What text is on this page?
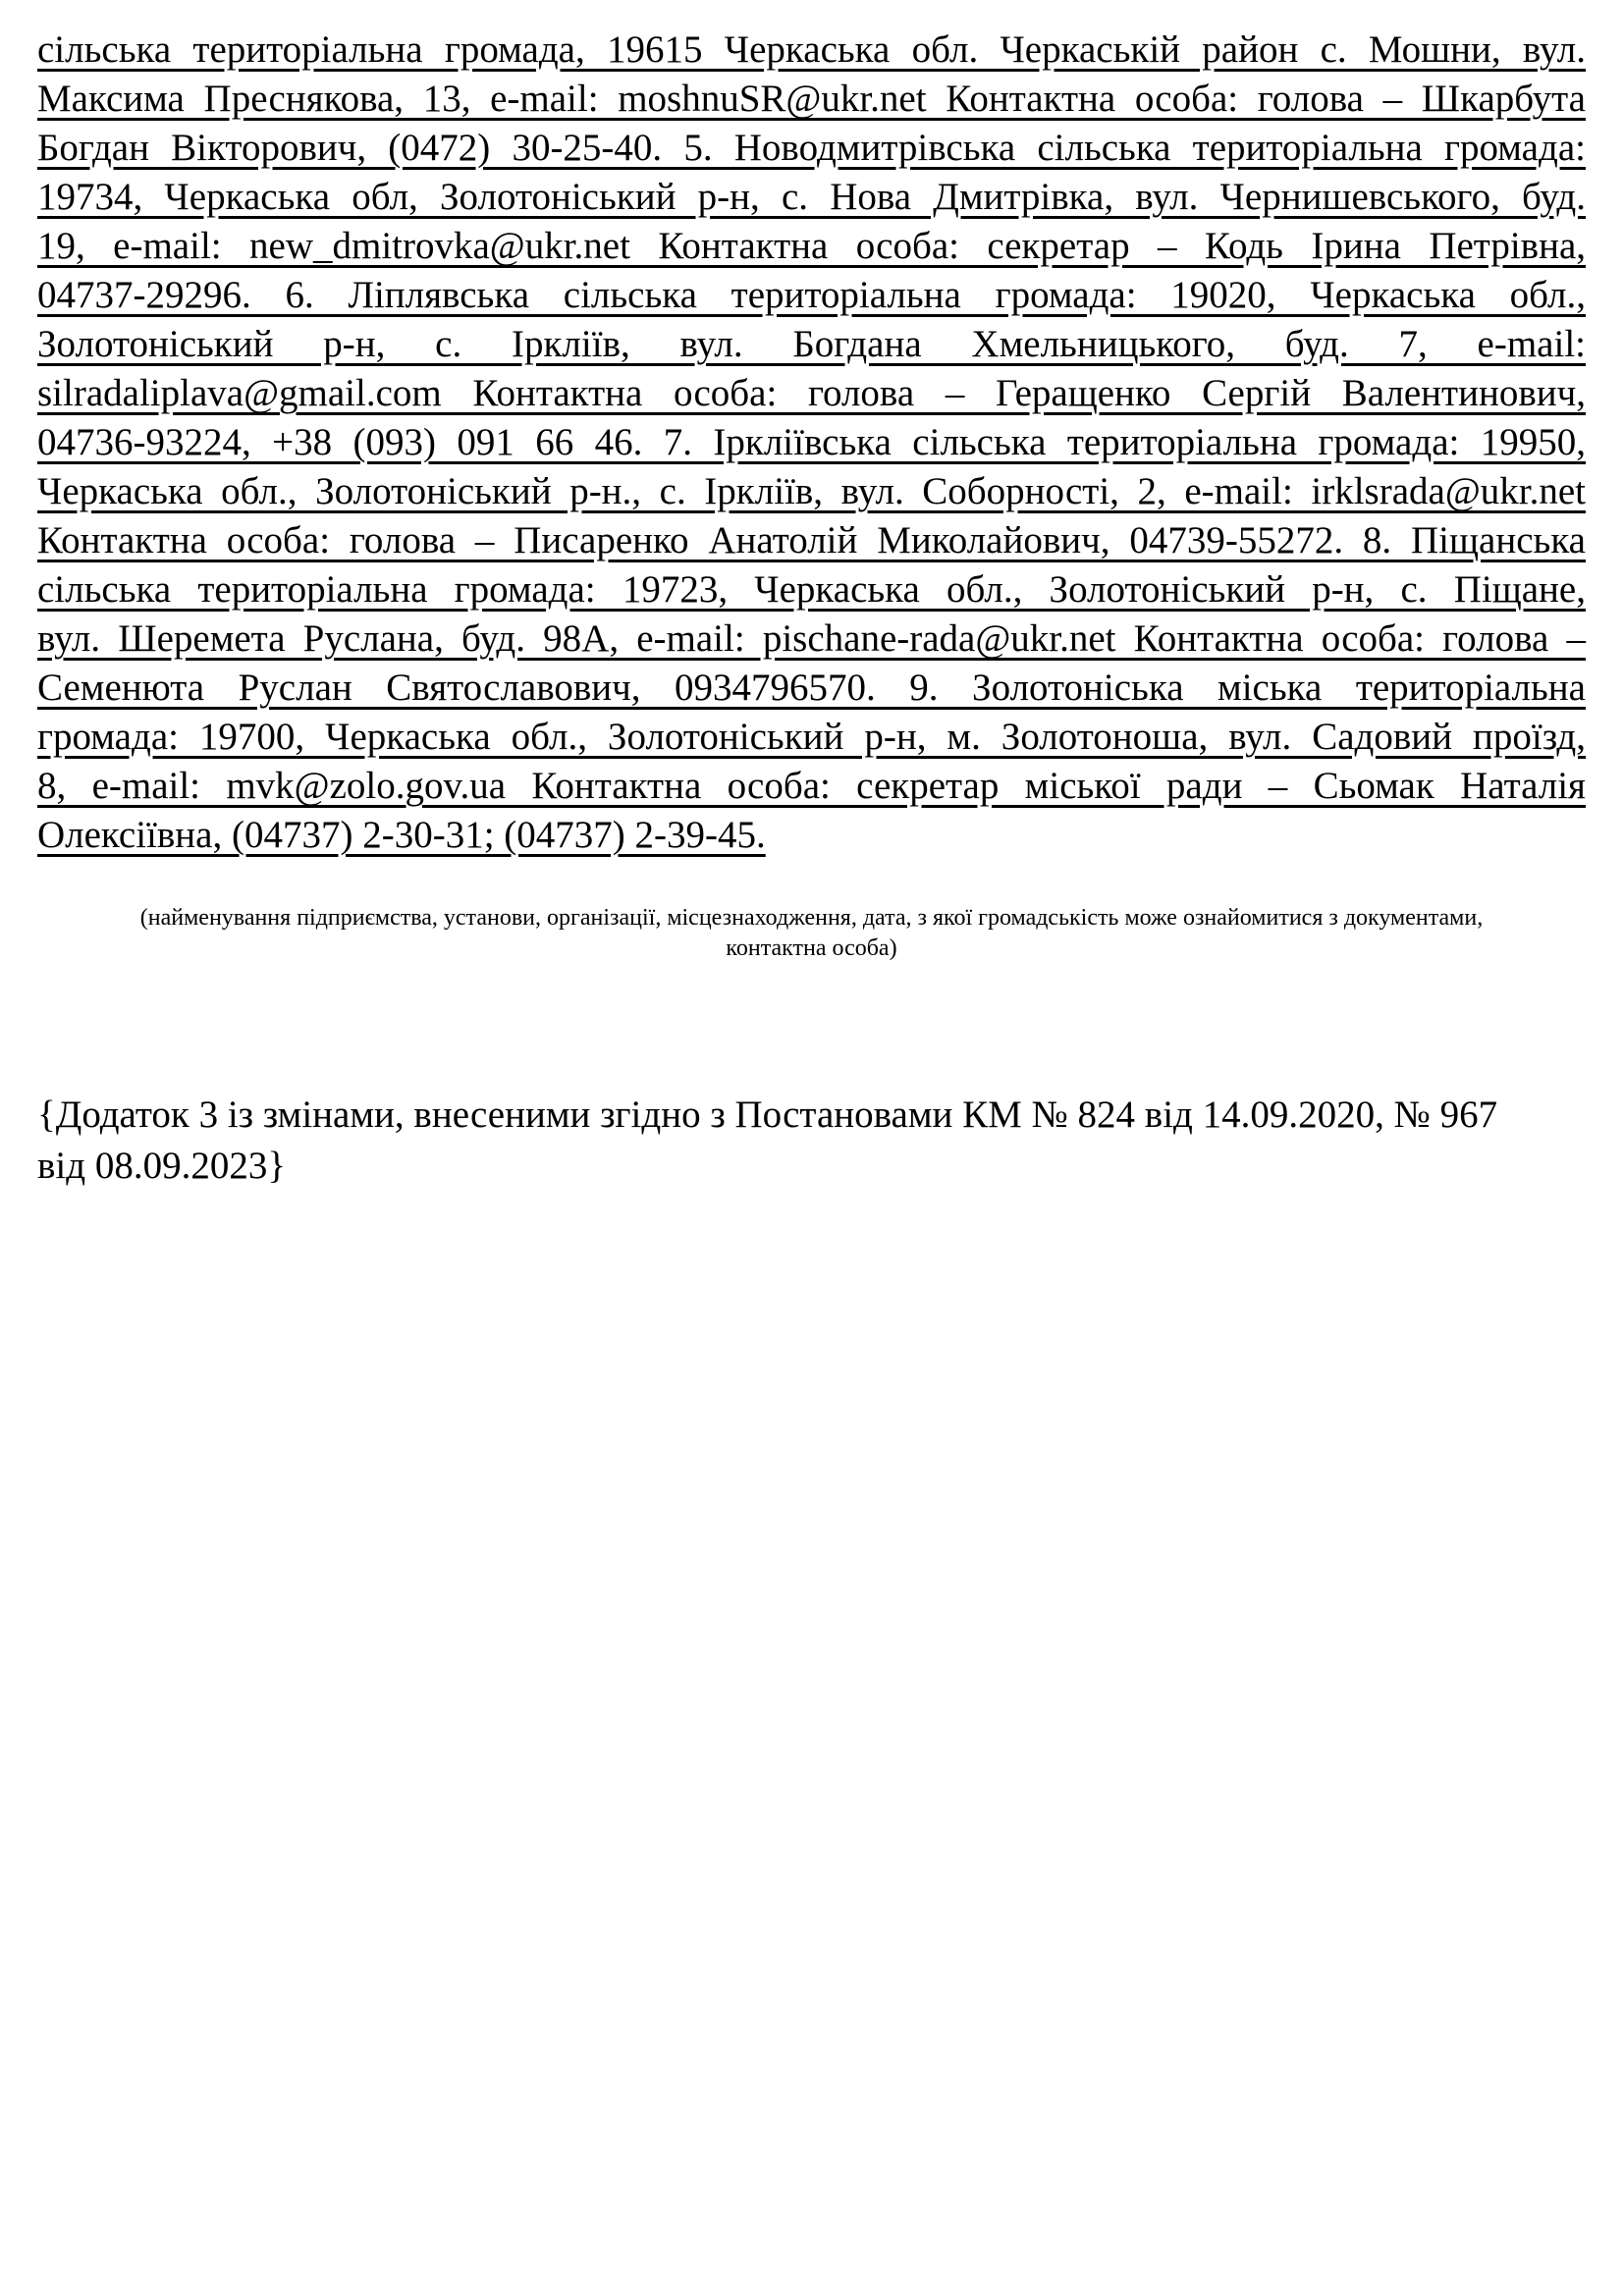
сільська територіальна громада, 19615 Черкаська обл. Черкаській район с. Мошни, вул.
Максима Преснякова, 13, e-mail: moshnuSR@ukr.net Контактна особа: голова – Шкарбута
Богдан Вікторович, (0472) 30-25-40. 5. Новодмитрівська сільська територіальна громада:
19734, Черкаська обл, Золотоніський р-н, с. Нова Дмитрівка, вул. Чернишевського, буд.
19, e-mail: new_dmitrovka@ukr.net Контактна особа: секретар – Кодь Ірина Петрівна,
04737-29296. 6. Ліплявська сільська територіальна громада: 19020, Черкаська обл.,
Золотоніський р-н, с. Іркліїв, вул. Богдана Хмельницького, буд. 7, e-mail:
silradaliplava@gmail.com Контактна особа: голова – Геращенко Сергій Валентинович,
04736-93224, +38 (093) 091 66 46. 7. Іркліївська сільська територіальна громада: 19950,
Черкаська обл., Золотоніський р-н., с. Іркліїв, вул. Соборності, 2, e-mail: irklsrada@ukr.net
Контактна особа: голова – Писаренко Анатолій Миколайович, 04739-55272. 8. Піщанська
сільська територіальна громада: 19723, Черкаська обл., Золотоніський р-н, с. Піщане,
вул. Шеремета Руслана, буд. 98А, e-mail: pischane-rada@ukr.net Контактна особа: голова –
Семенюта Руслан Святославович, 0934796570. 9. Золотоніська міська територіальна
громада: 19700, Черкаська обл., Золотоніський р-н, м. Золотоноша, вул. Садовий проїзд,
8, e-mail: mvk@zolo.gov.ua Контактна особа: секретар міської ради – Сьомак Наталія
Олексіївна, (04737) 2-30-31; (04737) 2-39-45.
(найменування підприємства, установи, організації, місцезнаходження, дата, з якої громадськість може ознайомитися з документами,
контактна особа)
{Додаток 3 із змінами, внесеними згідно з Постановами КМ № 824 від 14.09.2020, № 967
від 08.09.2023}
